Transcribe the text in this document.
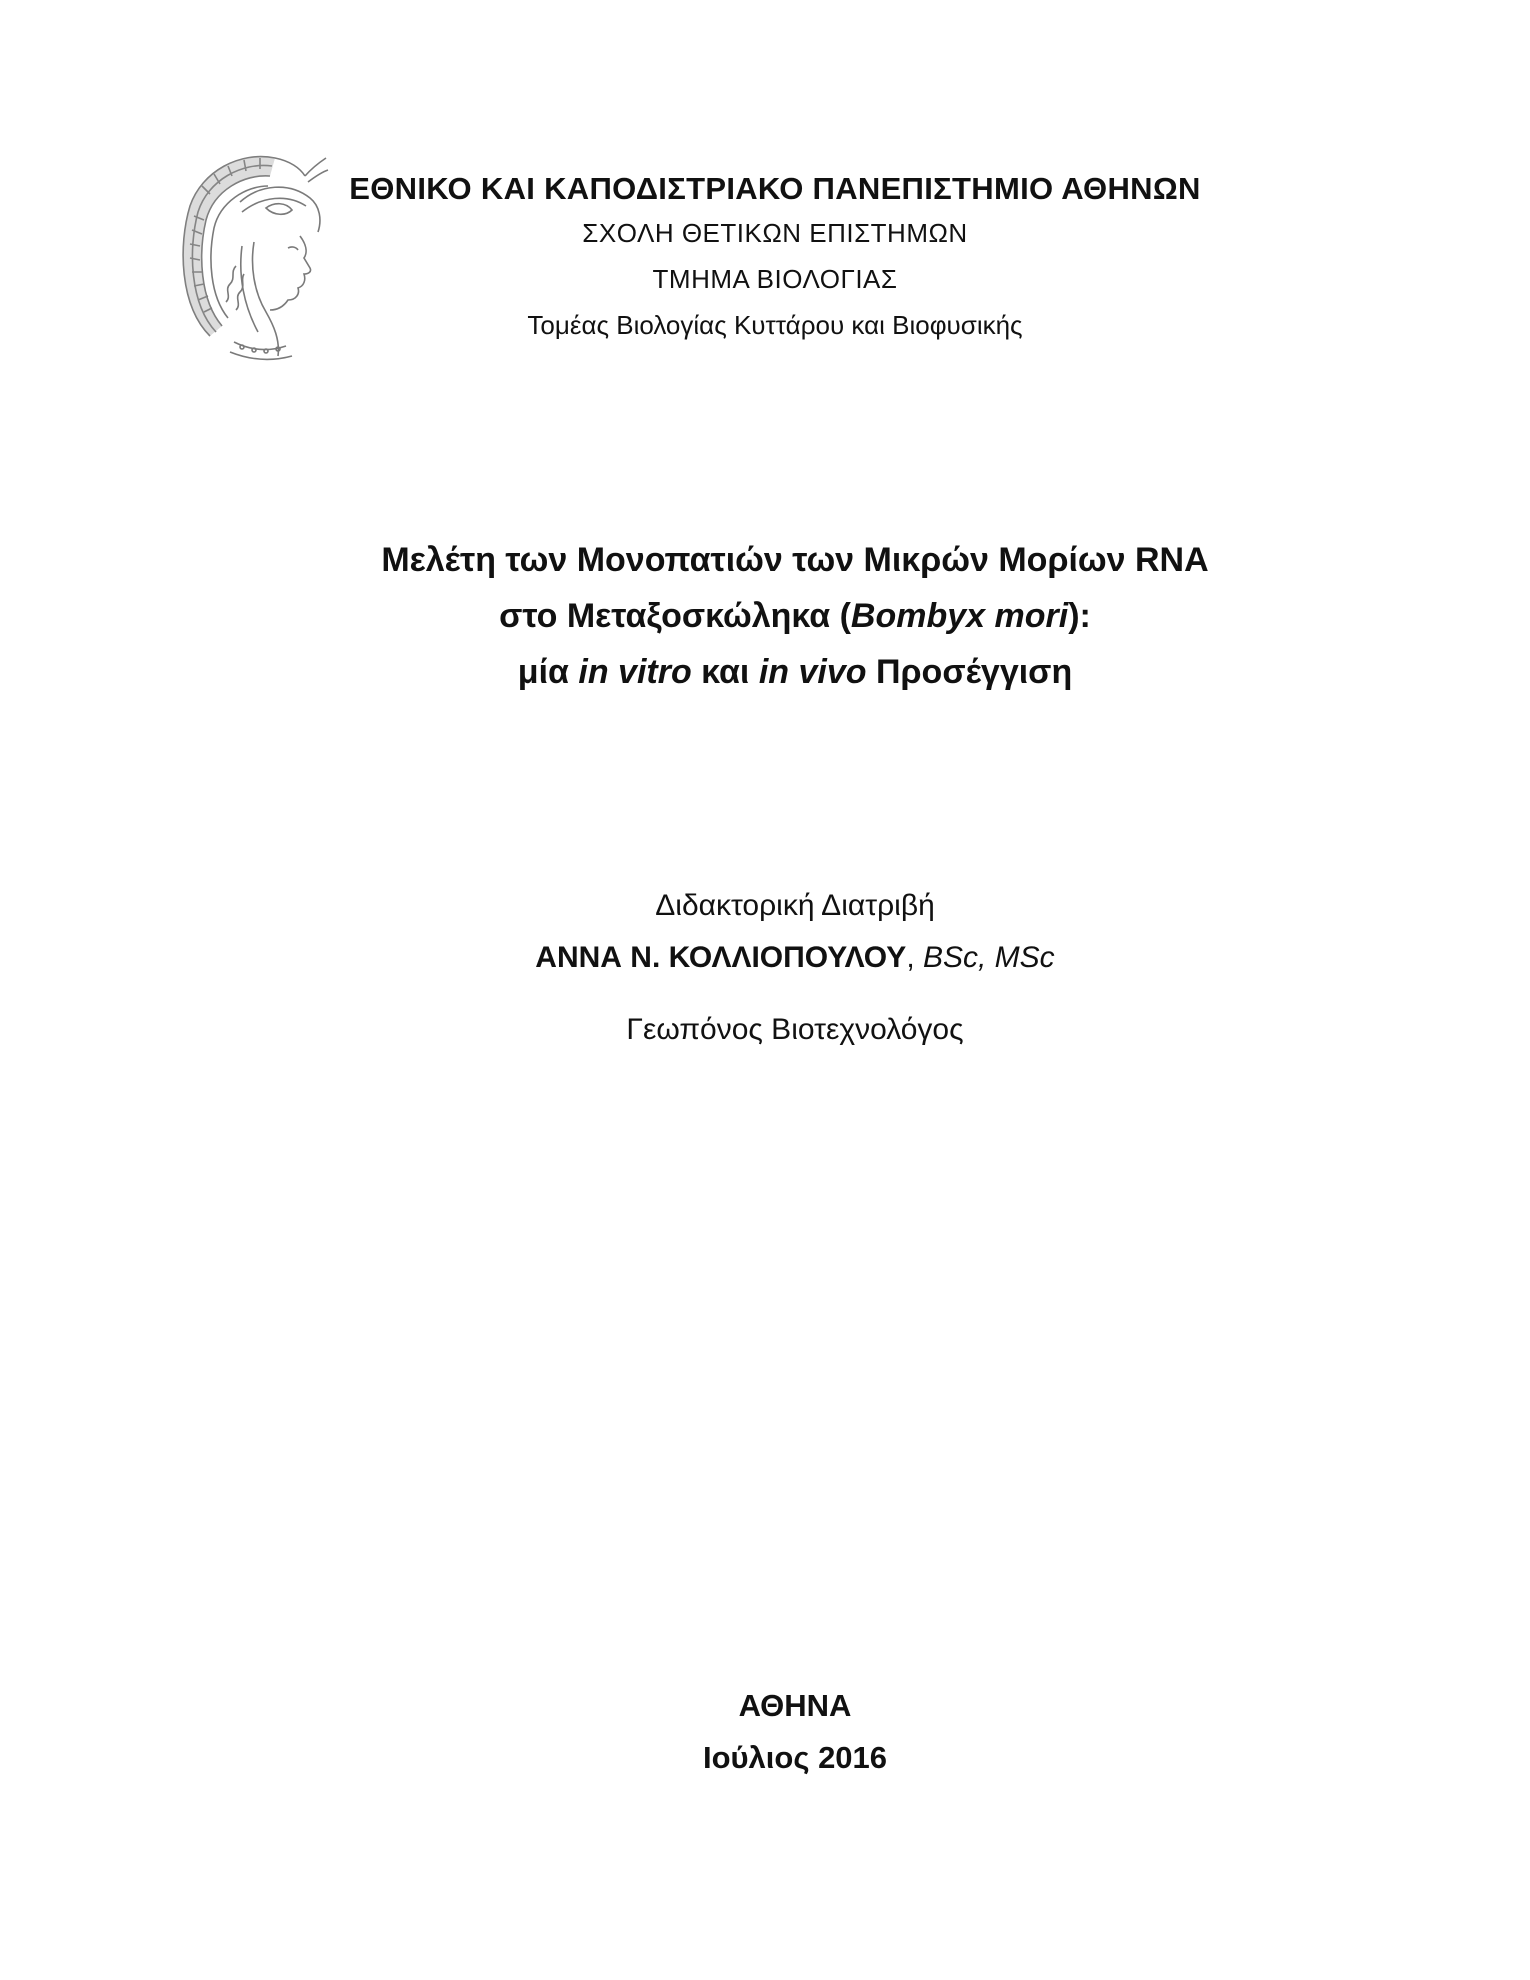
ΕΘΝΙΚΟ ΚΑΙ ΚΑΠΟΔΙΣΤΡΙΑΚΟ ΠΑΝΕΠΙΣΤΗΜΙΟ ΑΘΗΝΩΝ

ΣΧΟΛΗ ΘΕΤΙΚΩΝ ΕΠΙΣΤΗΜΩΝ

ΤΜΗΜΑ ΒΙΟΛΟΓΙΑΣ

Τομέας Βιολογίας Κυττάρου και Βιοφυσικής

Μελέτη των Μονοπατιών των Μικρών Μορίων RNA

στο Μεταξοσκώληκα (Bombyx mori):

μία in vitro και in vivo Προσέγγιση

Διδακτορική Διατριβή

ΑΝΝΑ Ν. ΚΟΛΛΙΟΠΟΥΛΟΥ, BSc, MSc

Γεωπόνος Βιοτεχνολόγος

ΑΘΗΝΑ

Ιούλιος 2016
